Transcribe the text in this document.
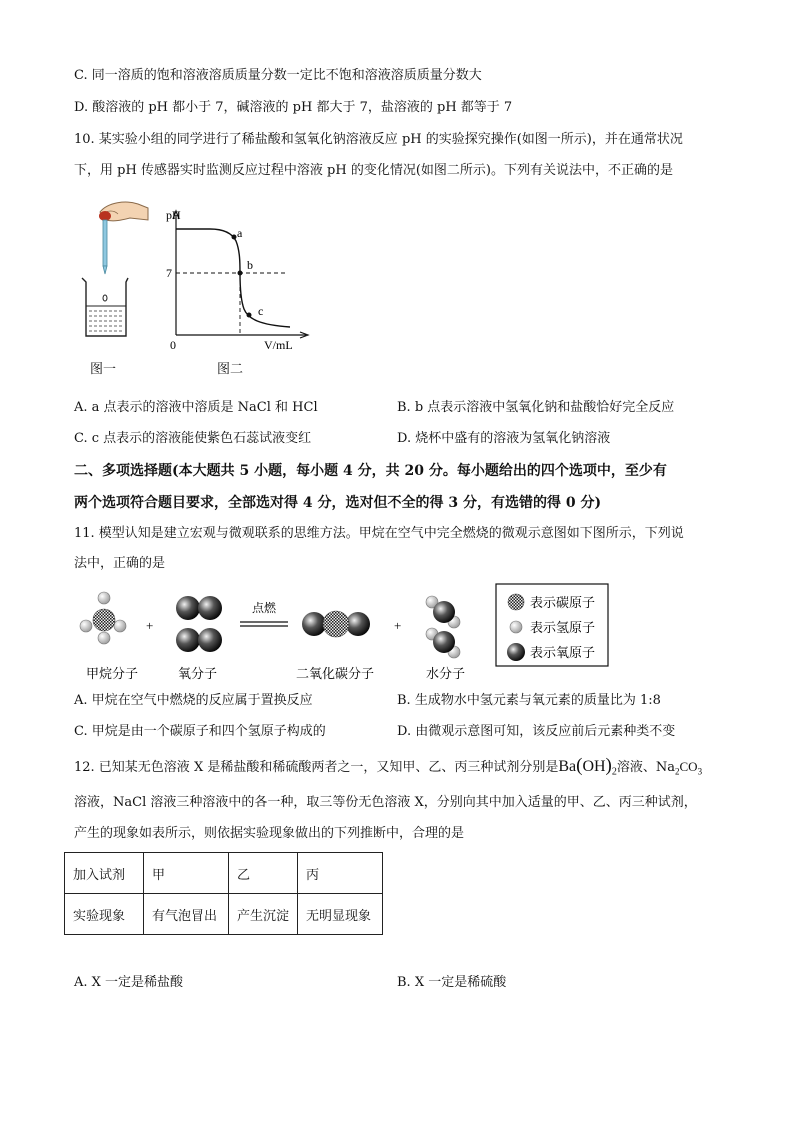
C. 同一溶质的饱和溶液溶质质量分数一定比不饱和溶液溶质质量分数大
D. 酸溶液的 pH 都小于 7，碱溶液的 pH 都大于 7，盐溶液的 pH 都等于 7
10. 某实验小组的同学进行了稀盐酸和氢氧化钠溶液反应 pH 的实验探究操作(如图一所示)，并在通常状况
下，用 pH 传感器实时监测反应过程中溶液 pH 的变化情况(如图二所示)。下列有关说法中，不正确的是
图一
pH
7
0	V/mL
a
b
c
图二
A. a 点表示的溶液中溶质是 NaCl 和 HCl	B. b 点表示溶液中氢氧化钠和盐酸恰好完全反应
C. c 点表示的溶液能使紫色石蕊试液变红	D. 烧杯中盛有的溶液为氢氧化钠溶液
二、多项选择题(本大题共 5 小题，每小题 4 分，共 20 分。每小题给出的四个选项中，至少有
两个选项符合题目要求，全部选对得 4 分，选对但不全的得 3 分，有选错的得 0 分)
11. 模型认知是建立宏观与微观联系的思维方法。甲烷在空气中完全燃烧的微观示意图如下图所示，下列说
法中，正确的是
+
点燃
+
表示碳原子
表示氢原子
表示氧原子
甲烷分子	氧分子	二氧化碳分子	水分子
A. 甲烷在空气中燃烧的反应属于置换反应	B. 生成物水中氢元素与氧元素的质量比为 1:8
C. 甲烷是由一个碳原子和四个氢原子构成的	D. 由微观示意图可知，该反应前后元素种类不变
12. 已知某无色溶液 X 是稀盐酸和稀硫酸两者之一，又知甲、乙、丙三种试剂分别是$Ba(OH)_2$溶液、$Na_2CO_3$
溶液，NaCl 溶液三种溶液中的各一种，取三等份无色溶液 X，分别向其中加入适量的甲、乙、丙三种试剂，
产生的现象如表所示，则依据实验现象做出的下列推断中，合理的是
加入试剂	甲	乙	丙
实验现象	有气泡冒出	产生沉淀	无明显现象
A. X 一定是稀盐酸	B. X 一定是稀硫酸
